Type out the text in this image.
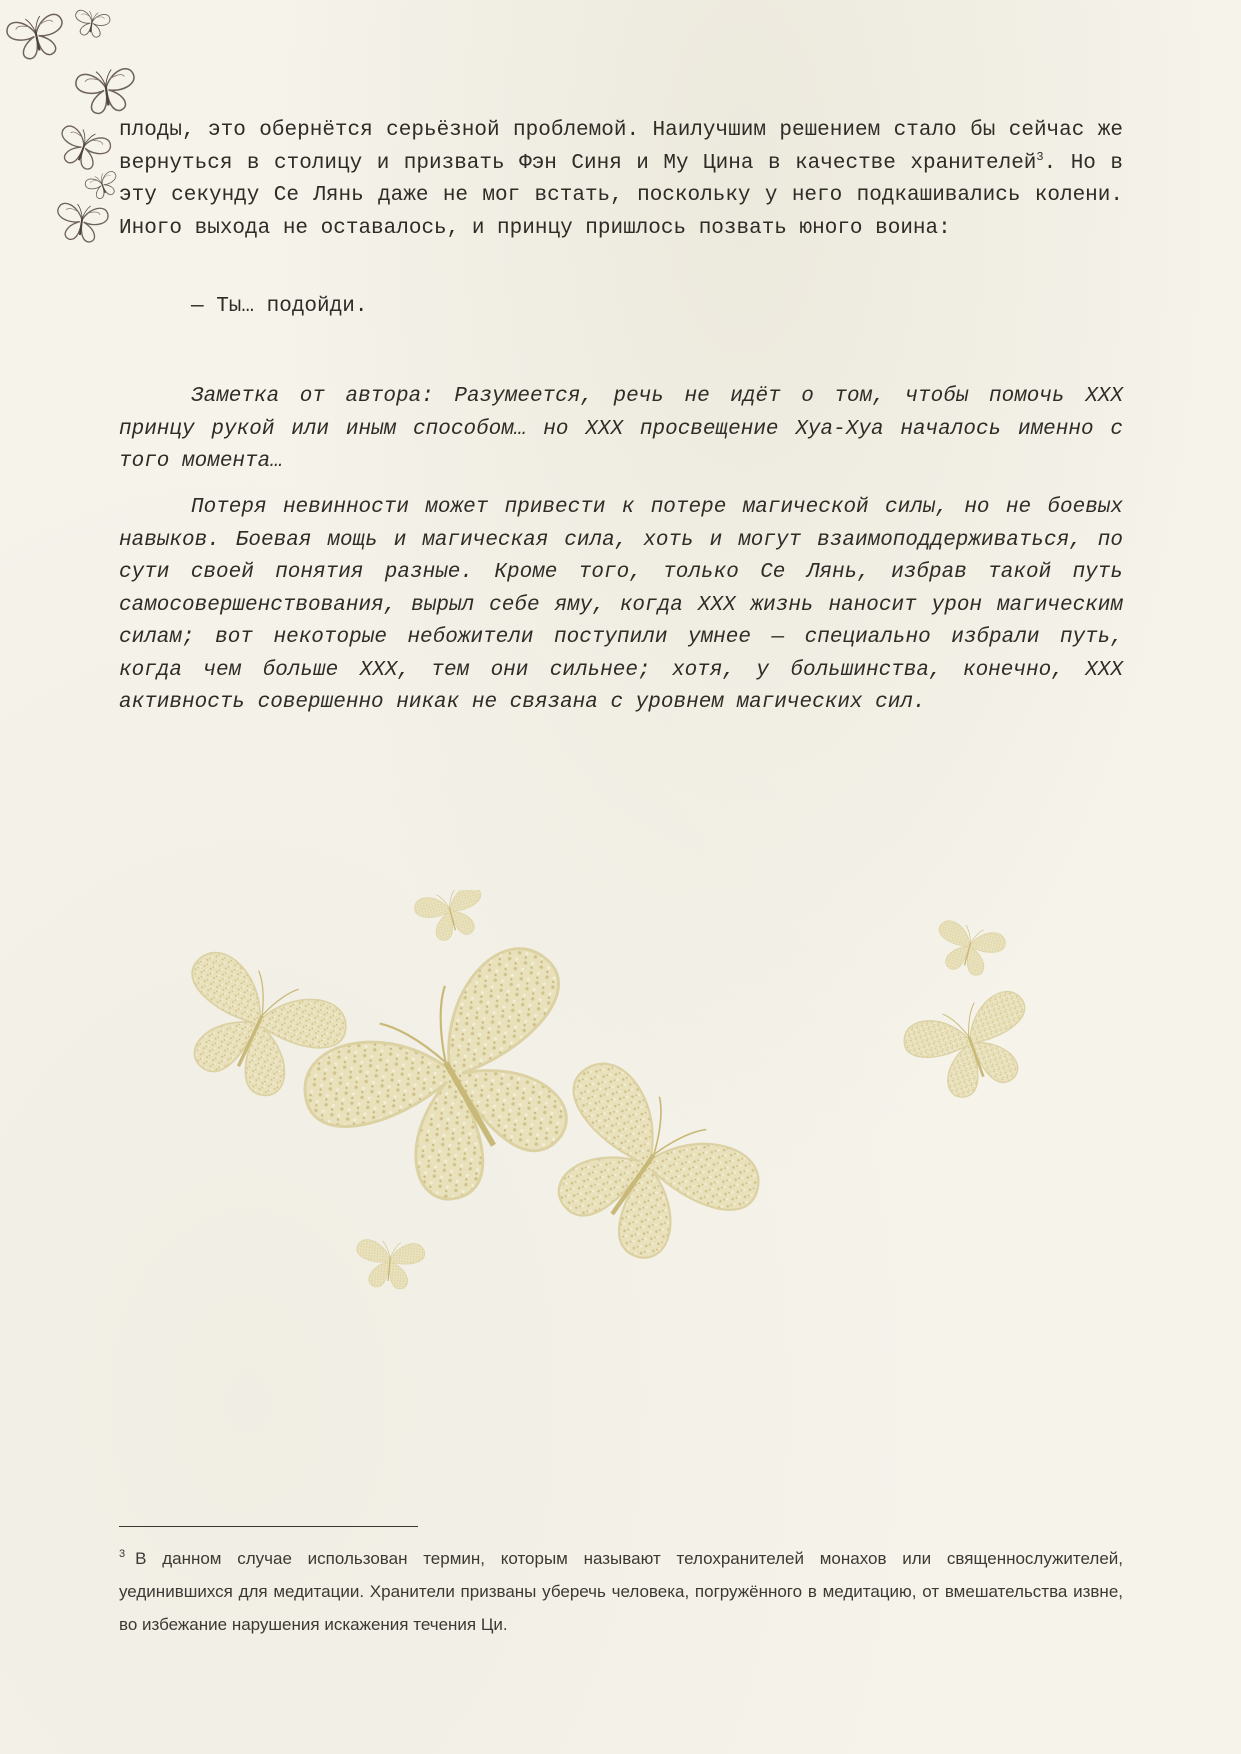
плоды, это обернётся серьёзной проблемой. Наилучшим решением стало бы сейчас же вернуться в столицу и призвать Фэн Синя и Му Цина в качестве хранителей$^3$. Но в эту секунду Се Лянь даже не мог встать, поскольку у него подкашивались колени. Иного выхода не оставалось, и принцу пришлось позвать юного воина:

— Ты… подойди.

Заметка от автора: Разумеется, речь не идёт о том, чтобы помочь XXX принцу рукой или иным способом… но XXX просвещение Хуа-Хуа началось именно с того момента…

Потеря невинности может привести к потере магической силы, но не боевых навыков. Боевая мощь и магическая сила, хоть и могут взаимоподдерживаться, по сути своей понятия разные. Кроме того, только Се Лянь, избрав такой путь самосовершенствования, вырыл себе яму, когда XXX жизнь наносит урон магическим силам; вот некоторые небожители поступили умнее — специально избрали путь, когда чем больше XXX, тем они сильнее; хотя, у большинства, конечно, XXX активность совершенно никак не связана с уровнем магических сил.

$^3$ В данном случае использован термин, которым называют телохранителей монахов или священнослужителей, уединившихся для медитации. Хранители призваны уберечь человека, погружённого в медитацию, от вмешательства извне, во избежание нарушения искажения течения Ци.
